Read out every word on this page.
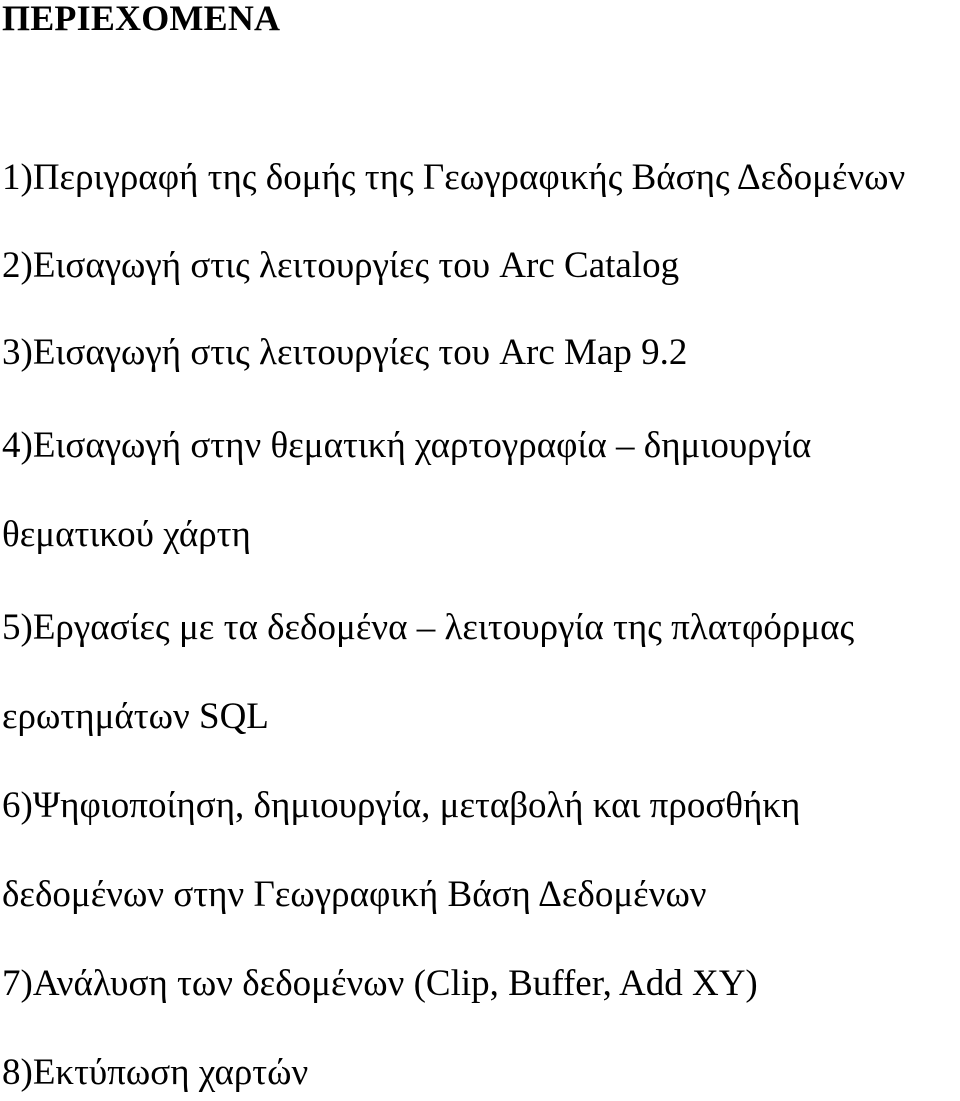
ΠΕΡΙΕΧΟΜΕΝΑ

1)Περιγραφή της δομής της Γεωγραφικής Βάσης Δεδομένων

2)Εισαγωγή στις λειτουργίες του Arc Catalog

3)Εισαγωγή στις λειτουργίες του Arc Map 9.2

4)Εισαγωγή στην θεματική χαρτογραφία – δημιουργία

θεματικού χάρτη

5)Εργασίες με τα δεδομένα – λειτουργία της πλατφόρμας

ερωτημάτων SQL

6)Ψηφιοποίηση, δημιουργία, μεταβολή και προσθήκη

δεδομένων στην Γεωγραφική Βάση Δεδομένων

7)Ανάλυση των δεδομένων (Clip, Buffer, Add XY)

8)Εκτύπωση χαρτών
